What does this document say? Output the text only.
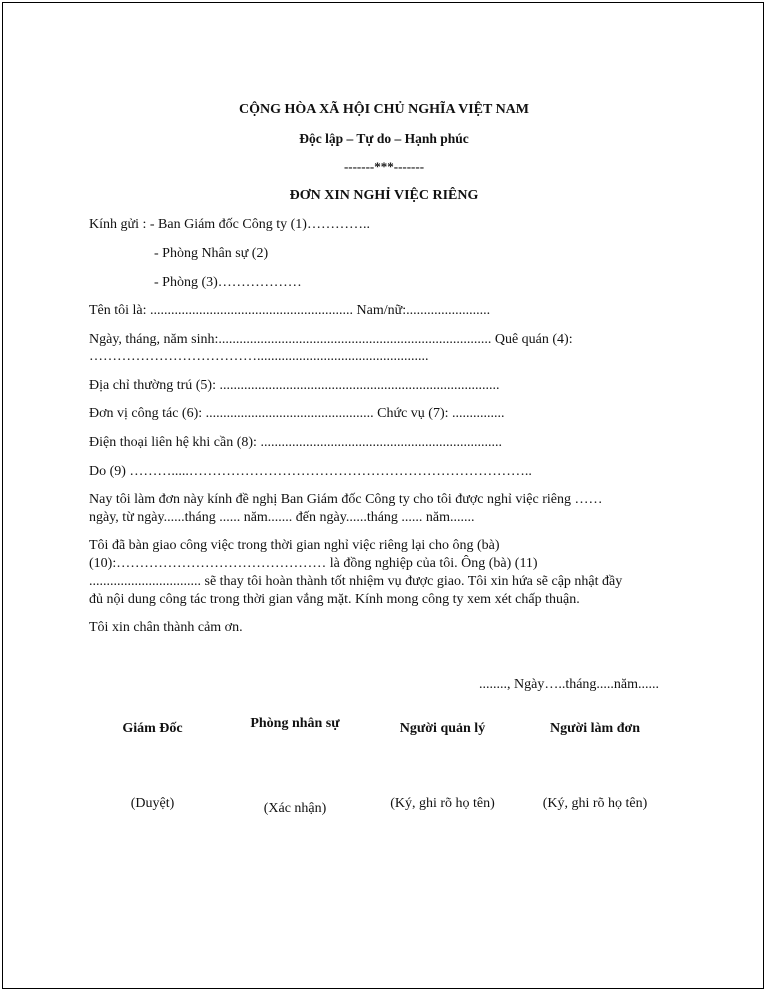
CỘNG HÒA XÃ HỘI CHỦ NGHĨA VIỆT NAM
Độc lập – Tự do – Hạnh phúc
-------***-------
ĐƠN XIN NGHỈ VIỆC RIÊNG
Kính gửi : - Ban Giám đốc Công ty (1)…………..
- Phòng Nhân sự (2)
- Phòng (3)………………
Tên tôi là: .......................................................... Nam/nữ:........................
Ngày, tháng, năm sinh:.............................................................................. Quê quán (4):
……………………………….................................................
Địa chỉ thường trú (5): ................................................................................
Đơn vị công tác (6): ................................................ Chức vụ (7): ...............
Điện thoại liên hệ khi cần (8): .....................................................................
Do (9) ……….....………………………………………………………………..
Nay tôi làm đơn này kính đề nghị Ban Giám đốc Công ty cho tôi được nghỉ việc riêng ……
ngày, từ ngày......tháng ...... năm....... đến ngày......tháng ...... năm.......
Tôi đã bàn giao công việc trong thời gian nghỉ việc riêng lại cho ông (bà)
(10):……………………………………… là đồng nghiệp của tôi. Ông (bà) (11)
................................ sẽ thay tôi hoàn thành tốt nhiệm vụ được giao. Tôi xin hứa sẽ cập nhật đầy
đủ nội dung công tác trong thời gian vắng mặt. Kính mong công ty xem xét chấp thuận.
Tôi xin chân thành cảm ơn.
........, Ngày…..tháng.....năm......
Giám Đốc	Phòng nhân sự	Người quản lý	Người làm đơn
(Duyệt)	(Xác nhận)	(Ký, ghi rõ họ tên)	(Ký, ghi rõ họ tên)
